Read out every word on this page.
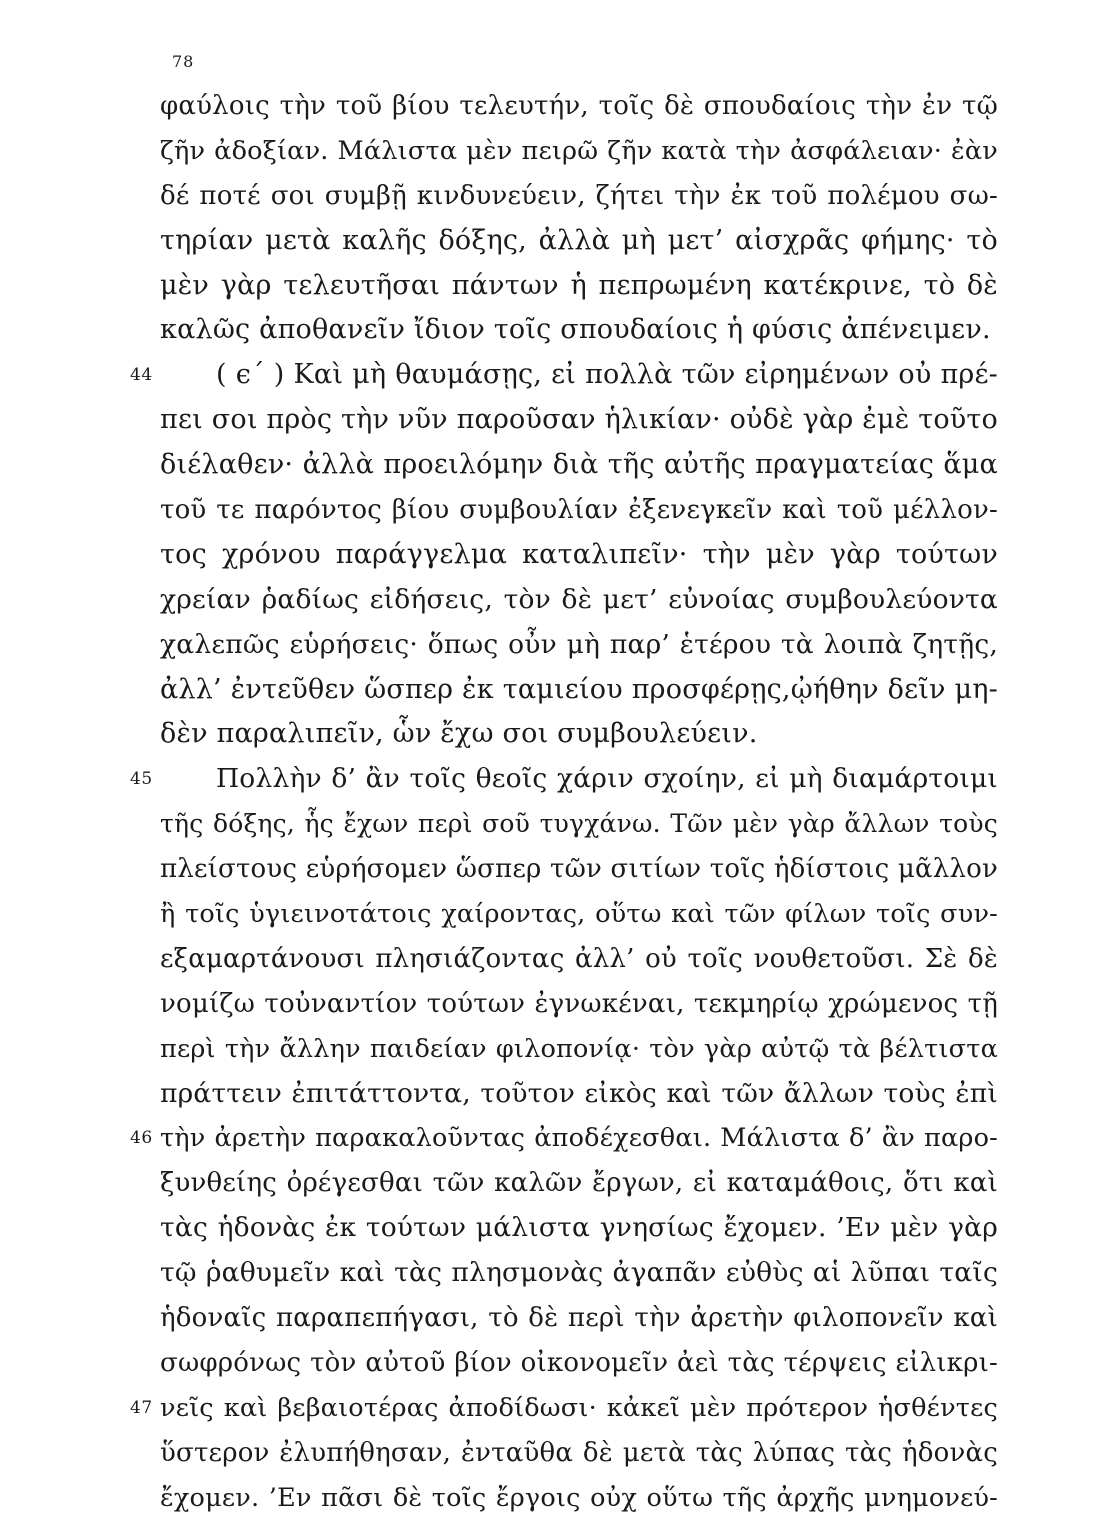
78
φαύλοις τὴν τοῦ βίου τελευτήν, τοῖς δὲ σπουδαίοις τὴν ἐν τῷ
ζῆν ἀδοξίαν. Μάλιστα μὲν πειρῶ ζῆν κατὰ τὴν ἀσφάλειαν· ἐὰν
δέ ποτέ σοι συμβῇ κινδυνεύειν, ζήτει τὴν ἐκ τοῦ πολέμου σω-
τηρίαν μετὰ καλῆς δόξης, ἀλλὰ μὴ μετ’ αἰσχρᾶς φήμης· τὸ
μὲν γὰρ τελευτῆσαι πάντων ἡ πεπρωμένη κατέκρινε, τὸ δὲ
καλῶς ἀποθανεῖν ἴδιον τοῖς σπουδαίοις ἡ φύσις ἀπένειμεν.
44 ( ϵ΄ ) Καὶ μὴ θαυμάσῃς, εἰ πολλὰ τῶν εἰρημένων οὐ πρέ-
πει σοι πρὸς τὴν νῦν παροῦσαν ἡλικίαν· οὐδὲ γὰρ ἐμὲ τοῦτο
διέλαθεν· ἀλλὰ προειλόμην διὰ τῆς αὐτῆς πραγματείας ἅμα
τοῦ τε παρόντος βίου συμβουλίαν ἐξενεγκεῖν καὶ τοῦ μέλλον-
τος χρόνου παράγγελμα καταλιπεῖν· τὴν μὲν γὰρ τούτων
χρείαν ῥαδίως εἰδήσεις, τὸν δὲ μετ’ εὐνοίας συμβουλεύοντα
χαλεπῶς εὑρήσεις· ὅπως οὖν μὴ παρ’ ἑτέρου τὰ λοιπὰ ζητῇς,
ἀλλ’ ἐντεῦθεν ὥσπερ ἐκ ταμιείου προσφέρῃς,ᾠήθην δεῖν μη-
δὲν παραλιπεῖν, ὧν ἔχω σοι συμβουλεύειν.
45 Πολλὴν δ’ ἂν τοῖς θεοῖς χάριν σχοίην, εἰ μὴ διαμάρτοιμι
τῆς δόξης, ἧς ἔχων περὶ σοῦ τυγχάνω. Τῶν μὲν γὰρ ἄλλων τοὺς
πλείστους εὑρήσομεν ὥσπερ τῶν σιτίων τοῖς ἡδίστοις μᾶλλον
ἢ τοῖς ὑγιεινοτάτοις χαίροντας, οὕτω καὶ τῶν φίλων τοῖς συν-
εξαμαρτάνουσι πλησιάζοντας ἀλλ’ οὐ τοῖς νουθετοῦσι. Σὲ δὲ
νομίζω τοὐναντίον τούτων ἐγνωκέναι, τεκμηρίῳ χρώμενος τῇ
περὶ τὴν ἄλλην παιδείαν φιλοπονίᾳ· τὸν γὰρ αὐτῷ τὰ βέλτιστα
πράττειν ἐπιτάττοντα, τοῦτον εἰκὸς καὶ τῶν ἄλλων τοὺς ἐπὶ
46 τὴν ἀρετὴν παρακαλοῦντας ἀποδέχεσθαι. Μάλιστα δ’ ἂν παρο-
ξυνθείης ὀρέγεσθαι τῶν καλῶν ἔργων, εἰ καταμάθοις, ὅτι καὶ
τὰς ἡδονὰς ἐκ τούτων μάλιστα γνησίως ἔχομεν. ’Εν μὲν γὰρ
τῷ ῥαθυμεῖν καὶ τὰς πλησμονὰς ἀγαπᾶν εὐθὺς αἱ λῦπαι ταῖς
ἡδοναῖς παραπεπήγασι, τὸ δὲ περὶ τὴν ἀρετὴν φιλοπονεῖν καὶ
σωφρόνως τὸν αὐτοῦ βίον οἰκονομεῖν ἀεὶ τὰς τέρψεις εἰλικρι-
47 νεῖς καὶ βεβαιοτέρας ἀποδίδωσι· κἀκεῖ μὲν πρότερον ἡσθέντες
ὕστερον ἐλυπήθησαν, ἐνταῦθα δὲ μετὰ τὰς λύπας τὰς ἡδονὰς
ἔχομεν. ’Εν πᾶσι δὲ τοῖς ἔργοις οὐχ οὕτω τῆς ἀρχῆς μνημονεύ-
